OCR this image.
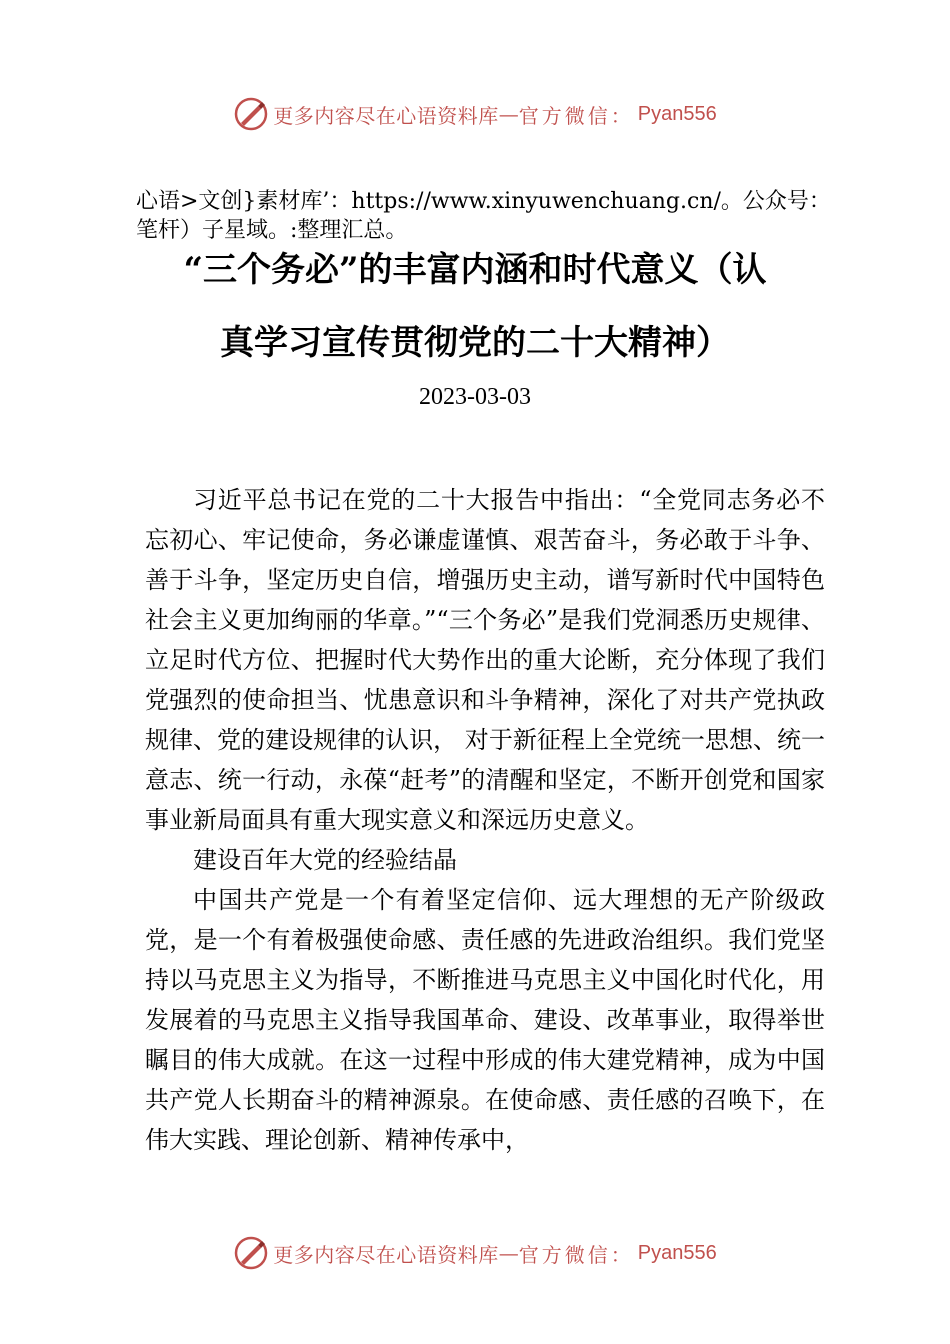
更多内容尽在心语资料库 — 官方微信： Pyan556
心语>文创}素材库’：https://www.xinyuwenchuang.cn/。公众号：笔杆）子星域。:整理汇总。
“三个务必”的丰富内涵和时代意义（认
真学习宣传贯彻党的二十大精神）
2023-03-03

习近平总书记在党的二十大报告中指出：“全党同志务必不忘初心、牢记使命，务必谦虚谨慎、艰苦奋斗，务必敢于斗争、善于斗争，坚定历史自信，增强历史主动，谱写新时代中国特色社会主义更加绚丽的华章。”“三个务必”是我们党洞悉历史规律、立足时代方位、把握时代大势作出的重大论断，充分体现了我们党强烈的使命担当、忧患意识和斗争精神，深化了对共产党执政规律、党的建设规律的认识， 对于新征程上全党统一思想、统一意志、统一行动，永葆“赶考”的清醒和坚定，不断开创党和国家事业新局面具有重大现实意义和深远历史意义。

建设百年大党的经验结晶

中国共产党是一个有着坚定信仰、远大理想的无产阶级政党，是一个有着极强使命感、责任感的先进政治组织。我们党坚持以马克思主义为指导，不断推进马克思主义中国化时代化，用发展着的马克思主义指导我国革命、建设、改革事业，取得举世瞩目的伟大成就。在这一过程中形成的伟大建党精神，成为中国共产党人长期奋斗的精神源泉。在使命感、责任感的召唤下，在伟大实践、理论创新、精神传承中，

更多内容尽在心语资料库 — 官方微信： Pyan556
